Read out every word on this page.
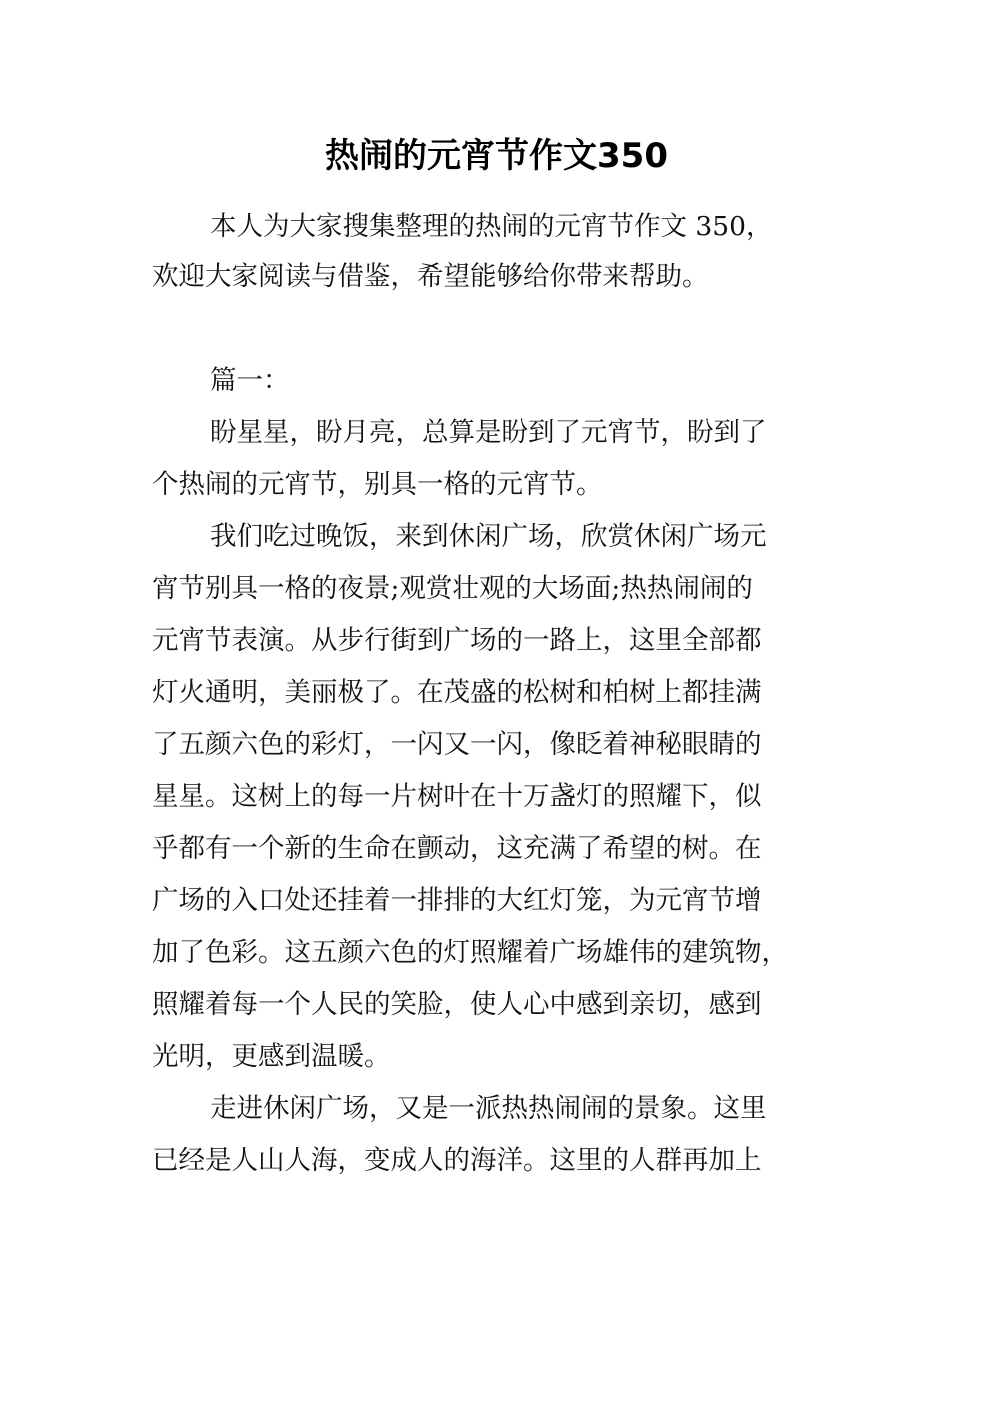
热闹的元宵节作文350
本人为大家搜集整理的热闹的元宵节作文 350，
欢迎大家阅读与借鉴，希望能够给你带来帮助。
篇一：
盼星星，盼月亮，总算是盼到了元宵节，盼到了
个热闹的元宵节，别具一格的元宵节。
我们吃过晚饭，来到休闲广场，欣赏休闲广场元
宵节别具一格的夜景;观赏壮观的大场面;热热闹闹的
元宵节表演。从步行街到广场的一路上，这里全部都
灯火通明，美丽极了。在茂盛的松树和柏树上都挂满
了五颜六色的彩灯，一闪又一闪，像眨着神秘眼睛的
星星。这树上的每一片树叶在十万盏灯的照耀下，似
乎都有一个新的生命在颤动，这充满了希望的树。在
广场的入口处还挂着一排排的大红灯笼，为元宵节增
加了色彩。这五颜六色的灯照耀着广场雄伟的建筑物，
照耀着每一个人民的笑脸，使人心中感到亲切，感到
光明，更感到温暖。
走进休闲广场，又是一派热热闹闹的景象。这里
已经是人山人海，变成人的海洋。这里的人群再加上
